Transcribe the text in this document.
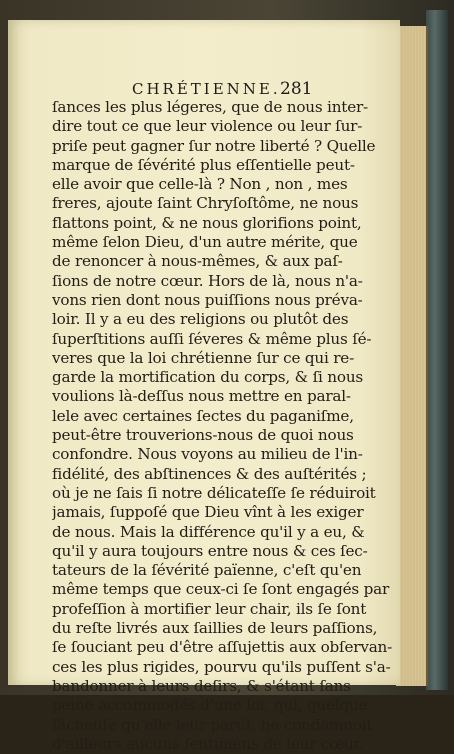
CHRÉTIENNE. 281
ſances les plus légeres, que de nous inter-
dire tout ce que leur violence ou leur ſur-
priſe peut gagner ſur notre liberté ? Quelle
marque de ſévérité plus eſſentielle peut-
elle avoir que celle-là ? Non , non , mes
freres, ajoute ſaint Chryſoſtôme, ne nous
flattons point, & ne nous glorifions point,
même ſelon Dieu, d'un autre mérite, que
de renoncer à nous-mêmes, & aux paſ-
ſions de notre cœur. Hors de là, nous n'a-
vons rien dont nous puiſſions nous préva-
loir. Il y a eu des religions ou plutôt des
ſuperſtitions auſſi ſéveres & même plus ſé-
veres que la loi chrétienne ſur ce qui re-
garde la mortification du corps, & ſi nous
voulions là-deſſus nous mettre en paral-
lele avec certaines ſectes du paganiſme,
peut-être trouverions-nous de quoi nous
confondre. Nous voyons au milieu de l'in-
fidélité, des abſtinences & des auſtérités ;
où je ne ſais ſi notre délicateſſe ſe réduiroit
jamais, ſuppoſé que Dieu vînt à les exiger
de nous. Mais la différence qu'il y a eu, &
qu'il y aura toujours entre nous & ces ſec-
tateurs de la ſévérité païenne, c'eſt qu'en
même temps que ceux-ci ſe ſont engagés par
profeſſion à mortifier leur chair, ils ſe ſont
du reſte livrés aux ſaillies de leurs paſſions,
ſe ſouciant peu d'être aſſujettis aux obſervan-
ces les plus rigides, pourvu qu'ils puſſent s'a-
bandonner à leurs deſirs, & s'étant ſans
peine accommodés d'une loi, qui, quelque
fâcheuſe qu'elle leur parût, ne condamnoit
d'ailleurs aucuns ſentimens de leur cœur.
